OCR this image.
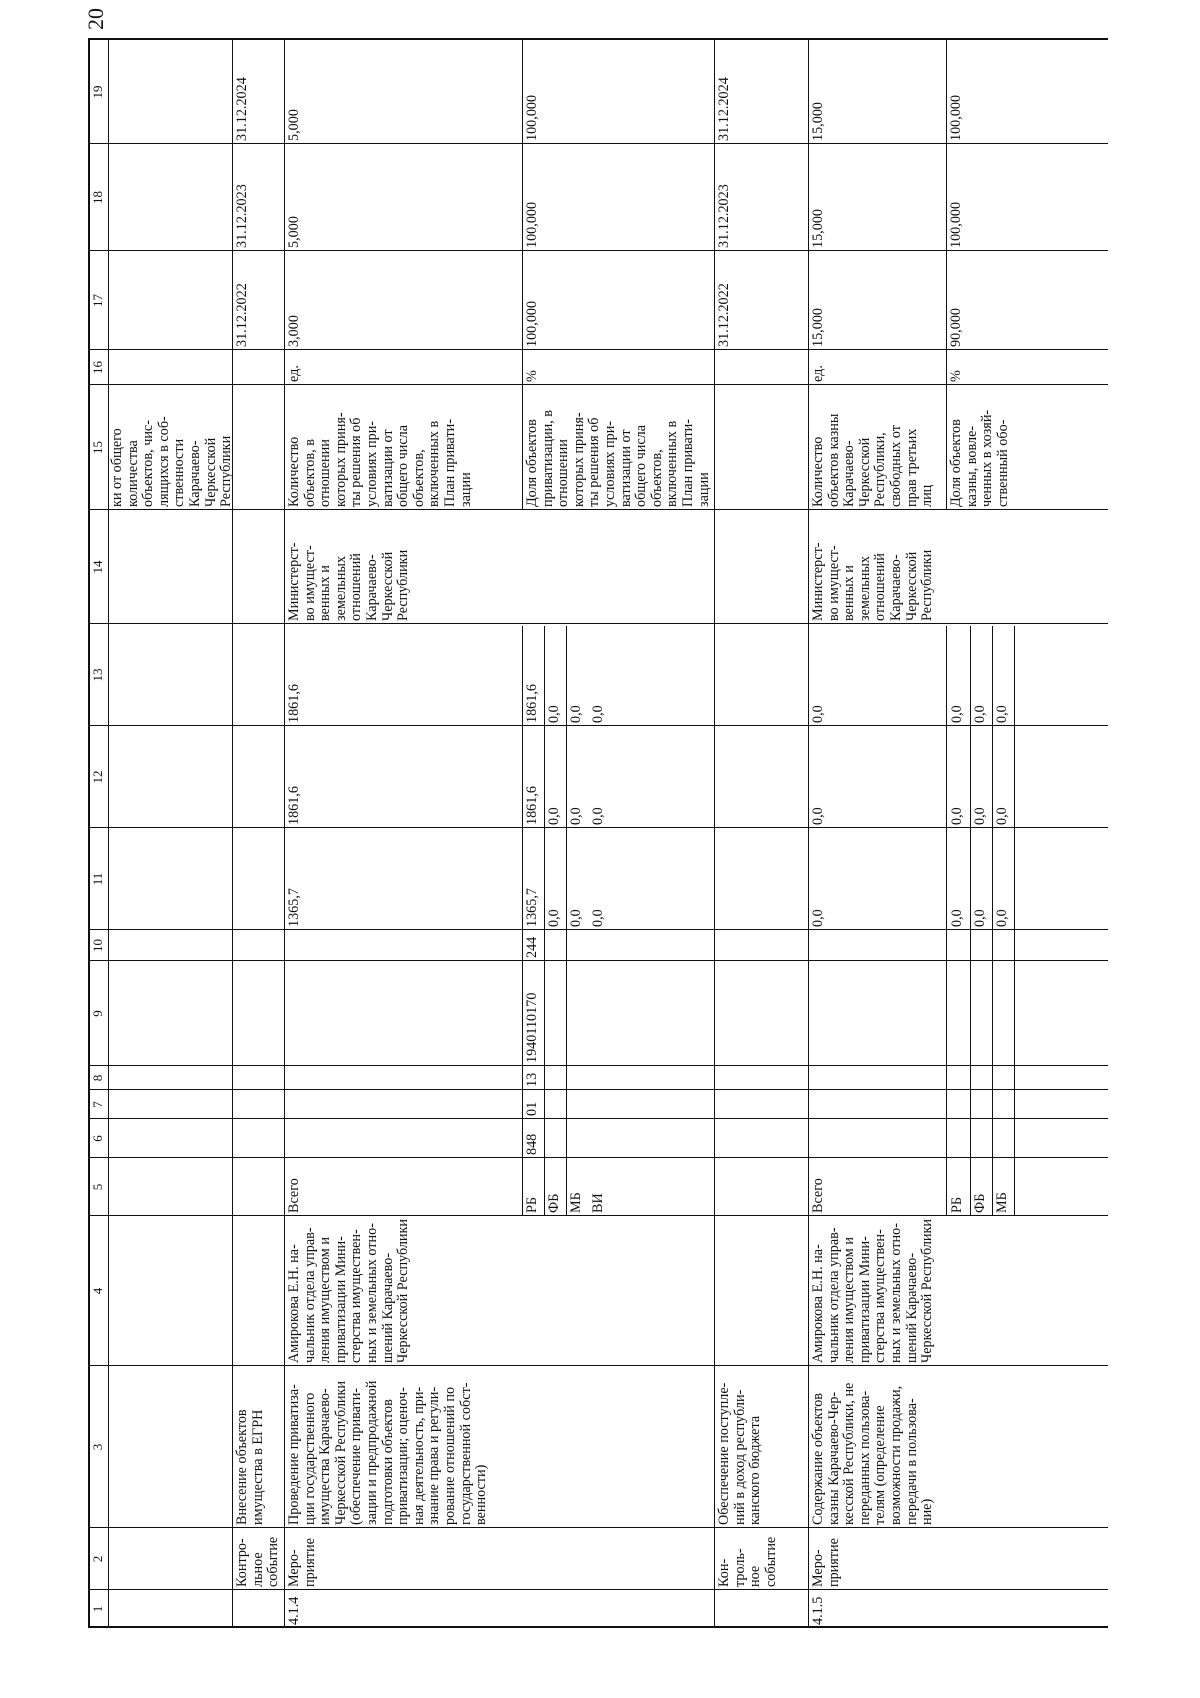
20
1
2
3
4
5
6
7
8
9
10
11
12
13
14
15
16
17
18
19
ки от общего
количества
объектов, чис-
лящихся в соб-
ственности
Карачаево-
Черкесской
Республики
Контро-
льное
событие
Внесение объектов
имущества в ЕГРН
31.12.2022
31.12.2023
31.12.2024
4.1.4
Меро-
приятие
Проведение приватиза-
ции государственного
имущества Карачаево-
Черкесской Республики
(обеспечение привати-
зации и предпродажной
подготовки объектов
приватизации; оценоч-
ная деятельность, при-
знание права и регули-
рование отношений по
государственной собст-
венности)
Амирокова Е.Н. на-
чальник отдела управ-
ления имуществом и
приватизации Мини-
стерства имуществен-
ных и земельных отно-
шений Карачаево-
Черкесской Республики
Всего
1365,7
1861,6
1861,6
Министерст-
во имущест-
венных и
земельных
отношений
Карачаево-
Черкесской
Республики
Количество
объектов, в
отношении
которых приня-
ты решения об
условиях при-
ватизации от
общего числа
объектов,
включенных в
План привати-
зации
ед.
3,000
5,000
5,000
РБ
848
01
13
1940110170
244
1365,7
1861,6
1861,6
ФБ
0,0
0,0
0,0
МБ
0,0
0,0
0,0
ВИ
0,0
0,0
0,0
Доля объектов
приватизации, в
отношении
которых приня-
ты решения об
условиях при-
ватизации от
общего числа
объектов,
включенных в
План привати-
зации
%
100,000
100,000
100,000
Кон-
троль-
ное
событие
Обеспечение поступле-
ний в доход республи-
канского бюджета
31.12.2022
31.12.2023
31.12.2024
4.1.5
Меро-
приятие
Содержание объектов
казны Карачаево-Чер-
кесской Республики, не
переданных пользова-
телям (определение
возможности продажи,
передачи в пользова-
ние)
Амирокова Е.Н. на-
чальник отдела управ-
ления имуществом и
приватизации Мини-
стерства имуществен-
ных и земельных отно-
шений Карачаево-
Черкесской Республики
Всего
0,0
0,0
0,0
Министерст-
во имущест-
венных и
земельных
отношений
Карачаево-
Черкесской
Республики
Количество
объектов казны
Карачаево-
Черкесской
Республики,
свободных от
прав третьих
лиц
ед.
15,000
15,000
15,000
РБ
0,0
0,0
0,0
ФБ
0,0
0,0
0,0
МБ
0,0
0,0
0,0
Доля объектов
казны, вовле-
ченных в хозяй-
ственный обо-
%
90,000
100,000
100,000
